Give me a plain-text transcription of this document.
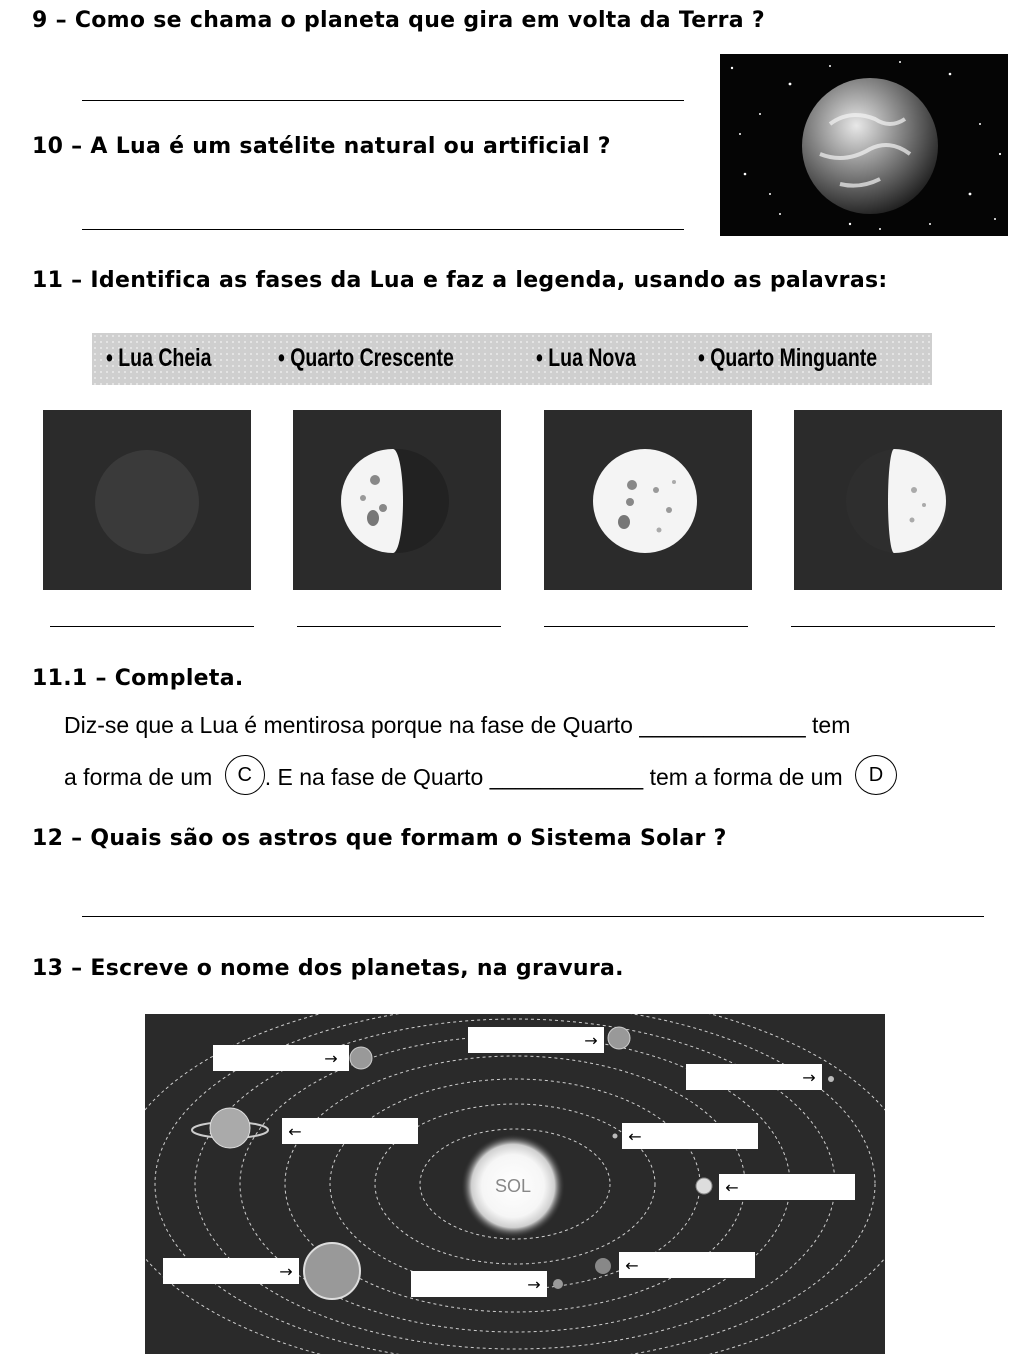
9 – Como se chama o planeta que gira em volta da Terra ?
10 – A Lua é um satélite natural ou artificial ?
11 – Identifica as fases da Lua e faz a legenda, usando as palavras:
• Lua Cheia	• Quarto Crescente	• Lua Nova • Quarto Minguante
11.1 – Completa.
Diz-se que a Lua é mentirosa porque na fase de Quarto _____________ tem
a forma de um C . E na fase de Quarto ____________ tem a forma de um D
12 – Quais são os astros que formam o Sistema Solar ?
13 – Escreve o nome dos planetas, na gravura.
SOL
→
→
→
←	←
←
→
→
←
